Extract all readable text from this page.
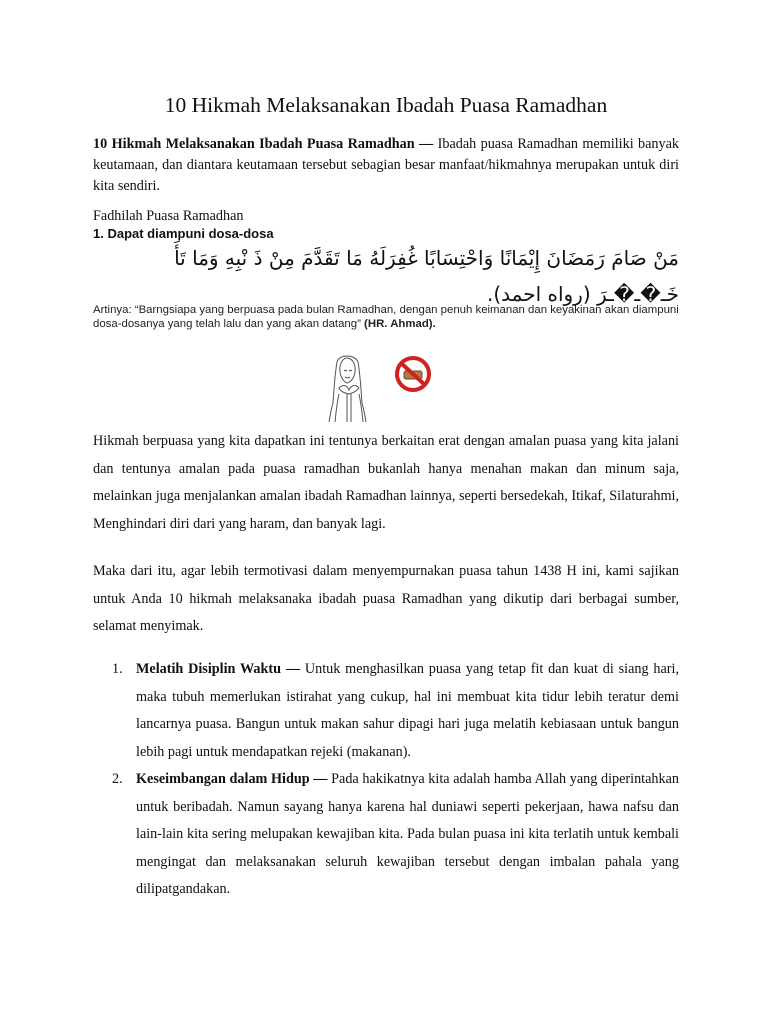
10 Hikmah Melaksanakan Ibadah Puasa Ramadhan

10 Hikmah Melaksanakan Ibadah Puasa Ramadhan — Ibadah puasa Ramadhan memiliki banyak keutamaan, dan diantara keutamaan tersebut sebagian besar manfaat/hikmahnya merupakan untuk diri kita sendiri.

Fadhilah Puasa Ramadhan

1. Dapat diampuni dosa-dosa

مَنْ صَامَ رَمَضَانَ إِيْمَانًا وَاحْتِسَابًا غُفِرَلَهُ مَا تَقَدَّمَ مِنْ ذَ نْبِهِ وَمَا تَأَ خَـ�ـ�ـرَ (رواه احمد).

Artinya: “Barngsiapa yang berpuasa pada bulan Ramadhan, dengan penuh keimanan dan keyakinan akan diampuni dosa-dosanya yang telah lalu dan yang akan datang” (HR. Ahmad).

Hikmah berpuasa yang kita dapatkan ini tentunya berkaitan erat dengan amalan puasa yang kita jalani dan tentunya amalan pada puasa ramadhan bukanlah hanya menahan makan dan minum saja, melainkan juga menjalankan amalan ibadah Ramadhan lainnya, seperti bersedekah, Itikaf, Silaturahmi, Menghindari diri dari yang haram, dan banyak lagi.

Maka dari itu, agar lebih termotivasi dalam menyempurnakan puasa tahun 1438 H ini, kami sajikan untuk Anda 10 hikmah melaksanaka ibadah puasa Ramadhan yang dikutip dari berbagai sumber, selamat menyimak.

1. Melatih Disiplin Waktu — Untuk menghasilkan puasa yang tetap fit dan kuat di siang hari, maka tubuh memerlukan istirahat yang cukup, hal ini membuat kita tidur lebih teratur demi lancarnya puasa. Bangun untuk makan sahur dipagi hari juga melatih kebiasaan untuk bangun lebih pagi untuk mendapatkan rejeki (makanan).
2. Keseimbangan dalam Hidup — Pada hakikatnya kita adalah hamba Allah yang diperintahkan untuk beribadah. Namun sayang hanya karena hal duniawi seperti pekerjaan, hawa nafsu dan lain-lain kita sering melupakan kewajiban kita. Pada bulan puasa ini kita terlatih untuk kembali mengingat dan melaksanakan seluruh kewajiban tersebut dengan imbalan pahala yang dilipatgandakan.
